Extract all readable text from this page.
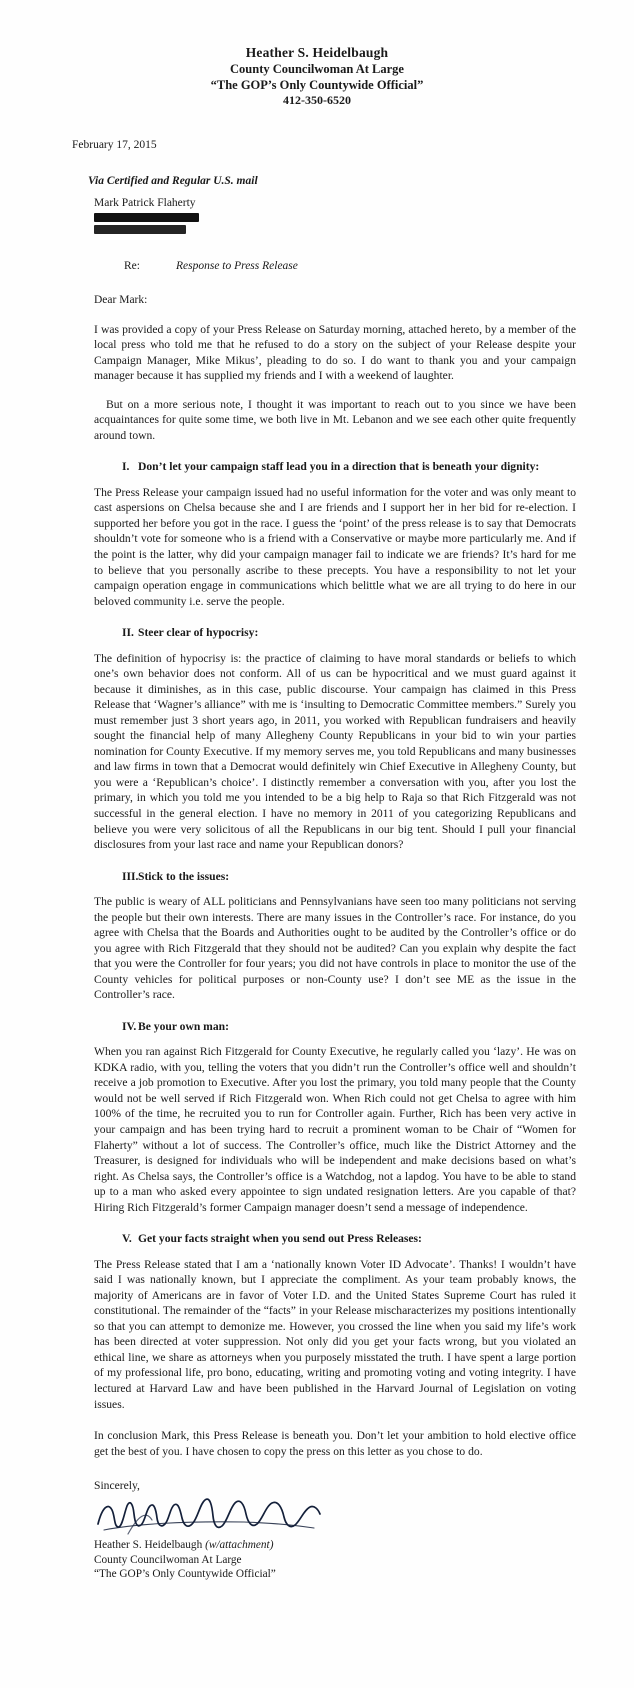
Heather S. Heidelbaugh
County Councilwoman At Large
“The GOP’s Only Countywide Official”
412-350-6520
February 17, 2015
Via Certified and Regular U.S. mail
Mark Patrick Flaherty
Re:	Response to Press Release
Dear Mark:

I was provided a copy of your Press Release on Saturday morning, attached hereto, by a member of the local press who told me that he refused to do a story on the subject of your Release despite your Campaign Manager, Mike Mikus’, pleading to do so. I do want to thank you and your campaign manager because it has supplied my friends and I with a weekend of laughter.

But on a more serious note, I thought it was important to reach out to you since we have been acquaintances for quite some time, we both live in Mt. Lebanon and we see each other quite frequently around town.

I. Don’t let your campaign staff lead you in a direction that is beneath your dignity:

The Press Release your campaign issued had no useful information for the voter and was only meant to cast aspersions on Chelsa because she and I are friends and I support her in her bid for re-election. I supported her before you got in the race. I guess the ‘point’ of the press release is to say that Democrats shouldn’t vote for someone who is a friend with a Conservative or maybe more particularly me. And if the point is the latter, why did your campaign manager fail to indicate we are friends? It’s hard for me to believe that you personally ascribe to these precepts. You have a responsibility to not let your campaign operation engage in communications which belittle what we are all trying to do here in our beloved community i.e. serve the people.

II. Steer clear of hypocrisy:

The definition of hypocrisy is: the practice of claiming to have moral standards or beliefs to which one’s own behavior does not conform. All of us can be hypocritical and we must guard against it because it diminishes, as in this case, public discourse. Your campaign has claimed in this Press Release that ‘Wagner’s alliance” with me is ‘insulting to Democratic Committee members.” Surely you must remember just 3 short years ago, in 2011, you worked with Republican fundraisers and heavily sought the financial help of many Allegheny County Republicans in your bid to win your parties nomination for County Executive. If my memory serves me, you told Republicans and many businesses and law firms in town that a Democrat would definitely win Chief Executive in Allegheny County, but you were a ‘Republican’s choice’. I distinctly remember a conversation with you, after you lost the primary, in which you told me you intended to be a big help to Raja so that Rich Fitzgerald was not successful in the general election. I have no memory in 2011 of you categorizing Republicans and believe you were very solicitous of all the Republicans in our big tent. Should I pull your financial disclosures from your last race and name your Republican donors?

III. Stick to the issues:

The public is weary of ALL politicians and Pennsylvanians have seen too many politicians not serving the people but their own interests. There are many issues in the Controller’s race. For instance, do you agree with Chelsa that the Boards and Authorities ought to be audited by the Controller’s office or do you agree with Rich Fitzgerald that they should not be audited? Can you explain why despite the fact that you were the Controller for four years; you did not have controls in place to monitor the use of the County vehicles for political purposes or non-County use? I don’t see ME as the issue in the Controller’s race.

IV. Be your own man:

When you ran against Rich Fitzgerald for County Executive, he regularly called you ‘lazy’. He was on KDKA radio, with you, telling the voters that you didn’t run the Controller’s office well and shouldn’t receive a job promotion to Executive. After you lost the primary, you told many people that the County would not be well served if Rich Fitzgerald won. When Rich could not get Chelsa to agree with him 100% of the time, he recruited you to run for Controller again. Further, Rich has been very active in your campaign and has been trying hard to recruit a prominent woman to be Chair of “Women for Flaherty” without a lot of success. The Controller’s office, much like the District Attorney and the Treasurer, is designed for individuals who will be independent and make decisions based on what’s right. As Chelsa says, the Controller’s office is a Watchdog, not a lapdog. You have to be able to stand up to a man who asked every appointee to sign undated resignation letters. Are you capable of that? Hiring Rich Fitzgerald’s former Campaign manager doesn’t send a message of independence.

V. Get your facts straight when you send out Press Releases:

The Press Release stated that I am a ‘nationally known Voter ID Advocate’. Thanks! I wouldn’t have said I was nationally known, but I appreciate the compliment. As your team probably knows, the majority of Americans are in favor of Voter I.D. and the United States Supreme Court has ruled it constitutional. The remainder of the “facts” in your Release mischaracterizes my positions intentionally so that you can attempt to demonize me. However, you crossed the line when you said my life’s work has been directed at voter suppression. Not only did you get your facts wrong, but you violated an ethical line, we share as attorneys when you purposely misstated the truth. I have spent a large portion of my professional life, pro bono, educating, writing and promoting voting and voting integrity. I have lectured at Harvard Law and have been published in the Harvard Journal of Legislation on voting issues.

In conclusion Mark, this Press Release is beneath you. Don’t let your ambition to hold elective office get the best of you. I have chosen to copy the press on this letter as you chose to do.

Sincerely,
Heather S. Heidelbaugh (w/attachment)
County Councilwoman At Large
“The GOP’s Only Countywide Official”
